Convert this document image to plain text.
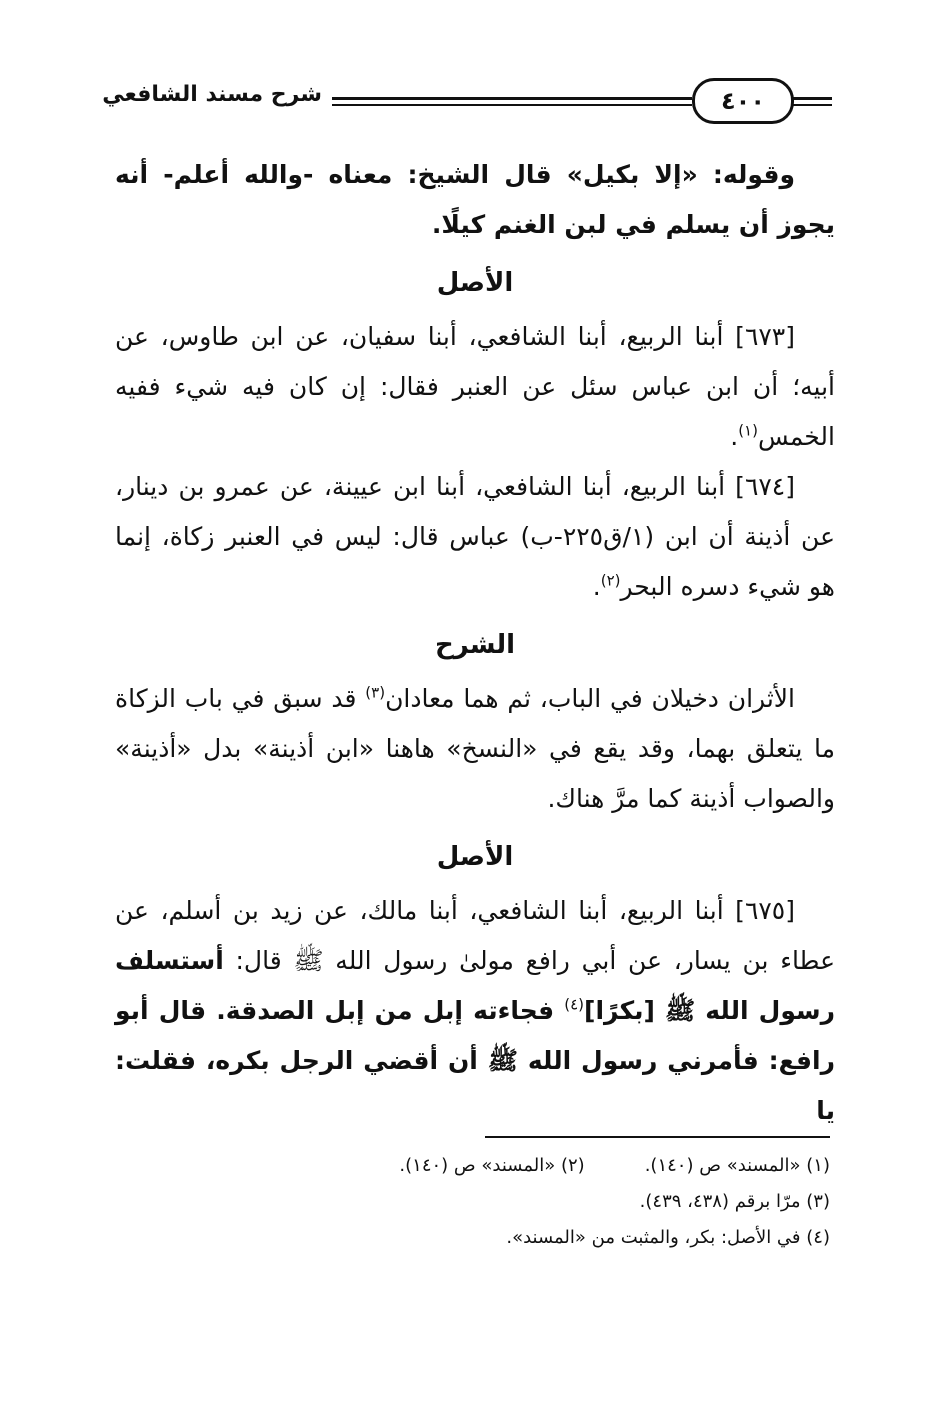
شرح مسند الشافعي	٤٠٠

وقوله: «إلا بكيل» قال الشيخ: معناه -والله أعلم- أنه يجوز أن يسلم في لبن الغنم كيلًا.

الأصل

[٦٧٣] أبنا الربيع، أبنا الشافعي، أبنا سفيان، عن ابن طاوس، عن أبيه؛ أن ابن عباس سئل عن العنبر فقال: إن كان فيه شيء ففيه الخمس$^{(١)}$.

[٦٧٤] أبنا الربيع، أبنا الشافعي، أبنا ابن عيينة، عن عمرو بن دينار، عن أذينة أن ابن (١/ق٢٢٥-ب) عباس قال: ليس في العنبر زكاة، إنما هو شيء دسره البحر$^{(٢)}$.

الشرح

الأثران دخيلان في الباب، ثم هما معادان$^{(٣)}$ قد سبق في باب الزكاة ما يتعلق بهما، وقد يقع في «النسخ» هاهنا «ابن أذينة» بدل «أذينة» والصواب أذينة كما مرَّ هناك.

الأصل

[٦٧٥] أبنا الربيع، أبنا الشافعي، أبنا مالك، عن زيد بن أسلم، عن عطاء بن يسار، عن أبي رافع مولىٰ رسول الله ﷺ قال: أستسلف رسول الله ﷺ [بكرًا]$^{(٤)}$ فجاءته إبل من إبل الصدقة. قال أبو رافع: فأمرني رسول الله ﷺ أن أقضي الرجل بكره، فقلت: يا

(١) «المسند» ص (١٤٠).
(٢) «المسند» ص (١٤٠).
(٣) مرّا برقم (٤٣٨، ٤٣٩).
(٤) في الأصل: بكر، والمثبت من «المسند».
